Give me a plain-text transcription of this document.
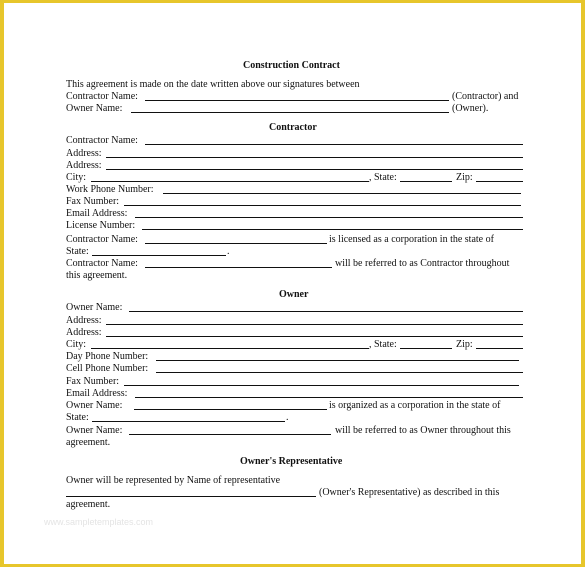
Construction Contract
This agreement is made on the date written above our signatures between
Contractor Name:	(Contractor) and
Owner Name:	(Owner).
Contractor
Contractor Name:
Address:
Address:
City:	, State:	Zip:
Work Phone Number:
Fax Number:
Email Address:
License Number:
Contractor Name:	is licensed as a corporation in the state of
State:	.
Contractor Name:	will be referred to as Contractor throughout
this agreement.
Owner
Owner Name:
Address:
Address:
City:	, State:	Zip:
Day Phone Number:
Cell Phone Number:
Fax Number:
Email Address:
Owner Name:	is organized as a corporation in the state of
State:	.
Owner Name:	will be referred to as Owner throughout this
agreement.
Owner's Representative
Owner will be represented by Name of representative
(Owner's Representative) as described in this
agreement.
www.sampletemplates.com
